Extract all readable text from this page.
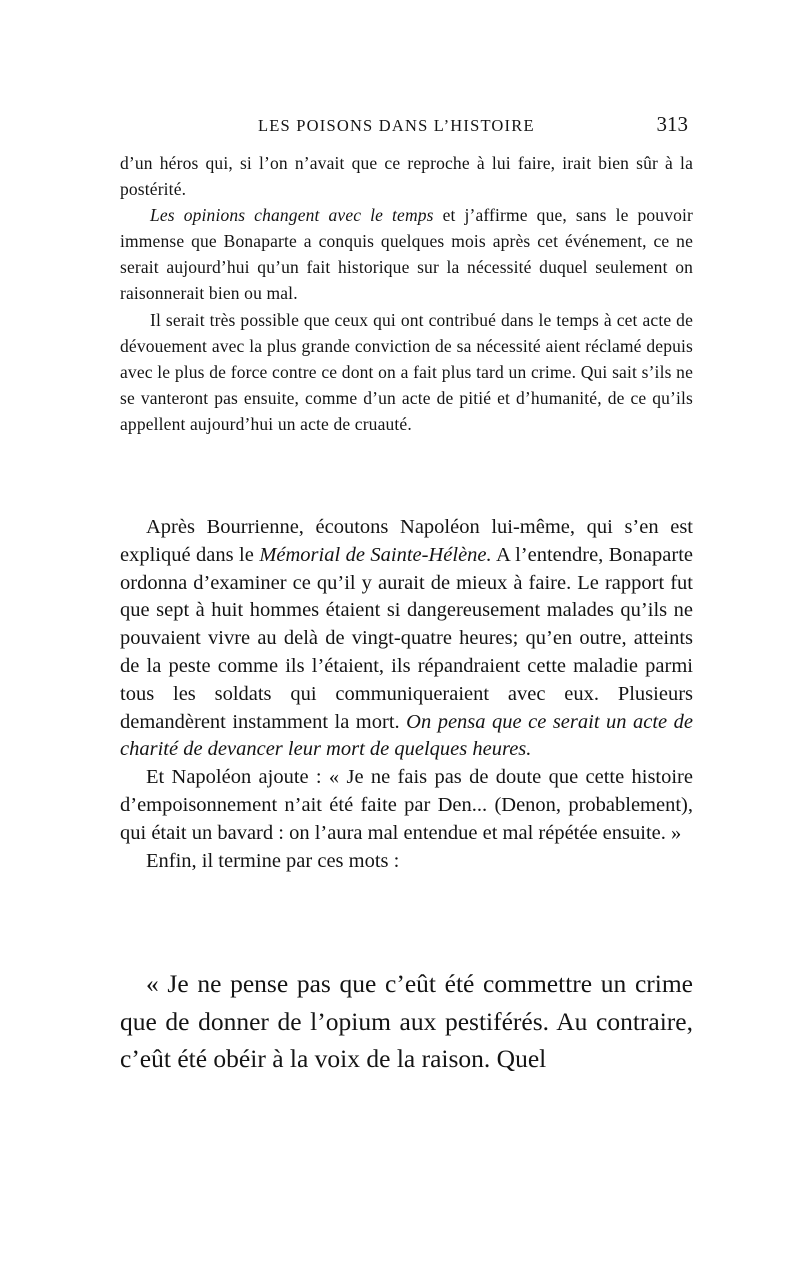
LES POISONS DANS L’HISTOIRE	313

d’un héros qui, si l’on n’avait que ce reproche à lui faire, irait bien sûr à la postérité.

Les opinions changent avec le temps et j’affirme que, sans le pouvoir immense que Bonaparte a conquis quelques mois après cet événement, ce ne serait aujourd’hui qu’un fait historique sur la nécessité duquel seulement on raisonnerait bien ou mal.

Il serait très possible que ceux qui ont contribué dans le temps à cet acte de dévouement avec la plus grande conviction de sa nécessité aient réclamé depuis avec le plus de force contre ce dont on a fait plus tard un crime. Qui sait s’ils ne se vanteront pas ensuite, comme d’un acte de pitié et d’humanité, de ce qu’ils appellent aujourd’hui un acte de cruauté.

Après Bourrienne, écoutons Napoléon lui-même, qui s’en est expliqué dans le Mémorial de Sainte-Hélène. A l’entendre, Bonaparte ordonna d’examiner ce qu’il y aurait de mieux à faire. Le rapport fut que sept à huit hommes étaient si dangereusement malades qu’ils ne pouvaient vivre au delà de vingt-quatre heures; qu’en outre, atteints de la peste comme ils l’étaient, ils répandraient cette maladie parmi tous les soldats qui communiqueraient avec eux. Plusieurs demandèrent instamment la mort. On pensa que ce serait un acte de charité de devancer leur mort de quelques heures.

Et Napoléon ajoute : « Je ne fais pas de doute que cette histoire d’empoisonnement n’ait été faite par Den... (Denon, probablement), qui était un bavard : on l’aura mal entendue et mal répétée ensuite. »

Enfin, il termine par ces mots :

« Je ne pense pas que c’eût été commettre un crime que de donner de l’opium aux pestiférés. Au contraire, c’eût été obéir à la voix de la raison. Quel
